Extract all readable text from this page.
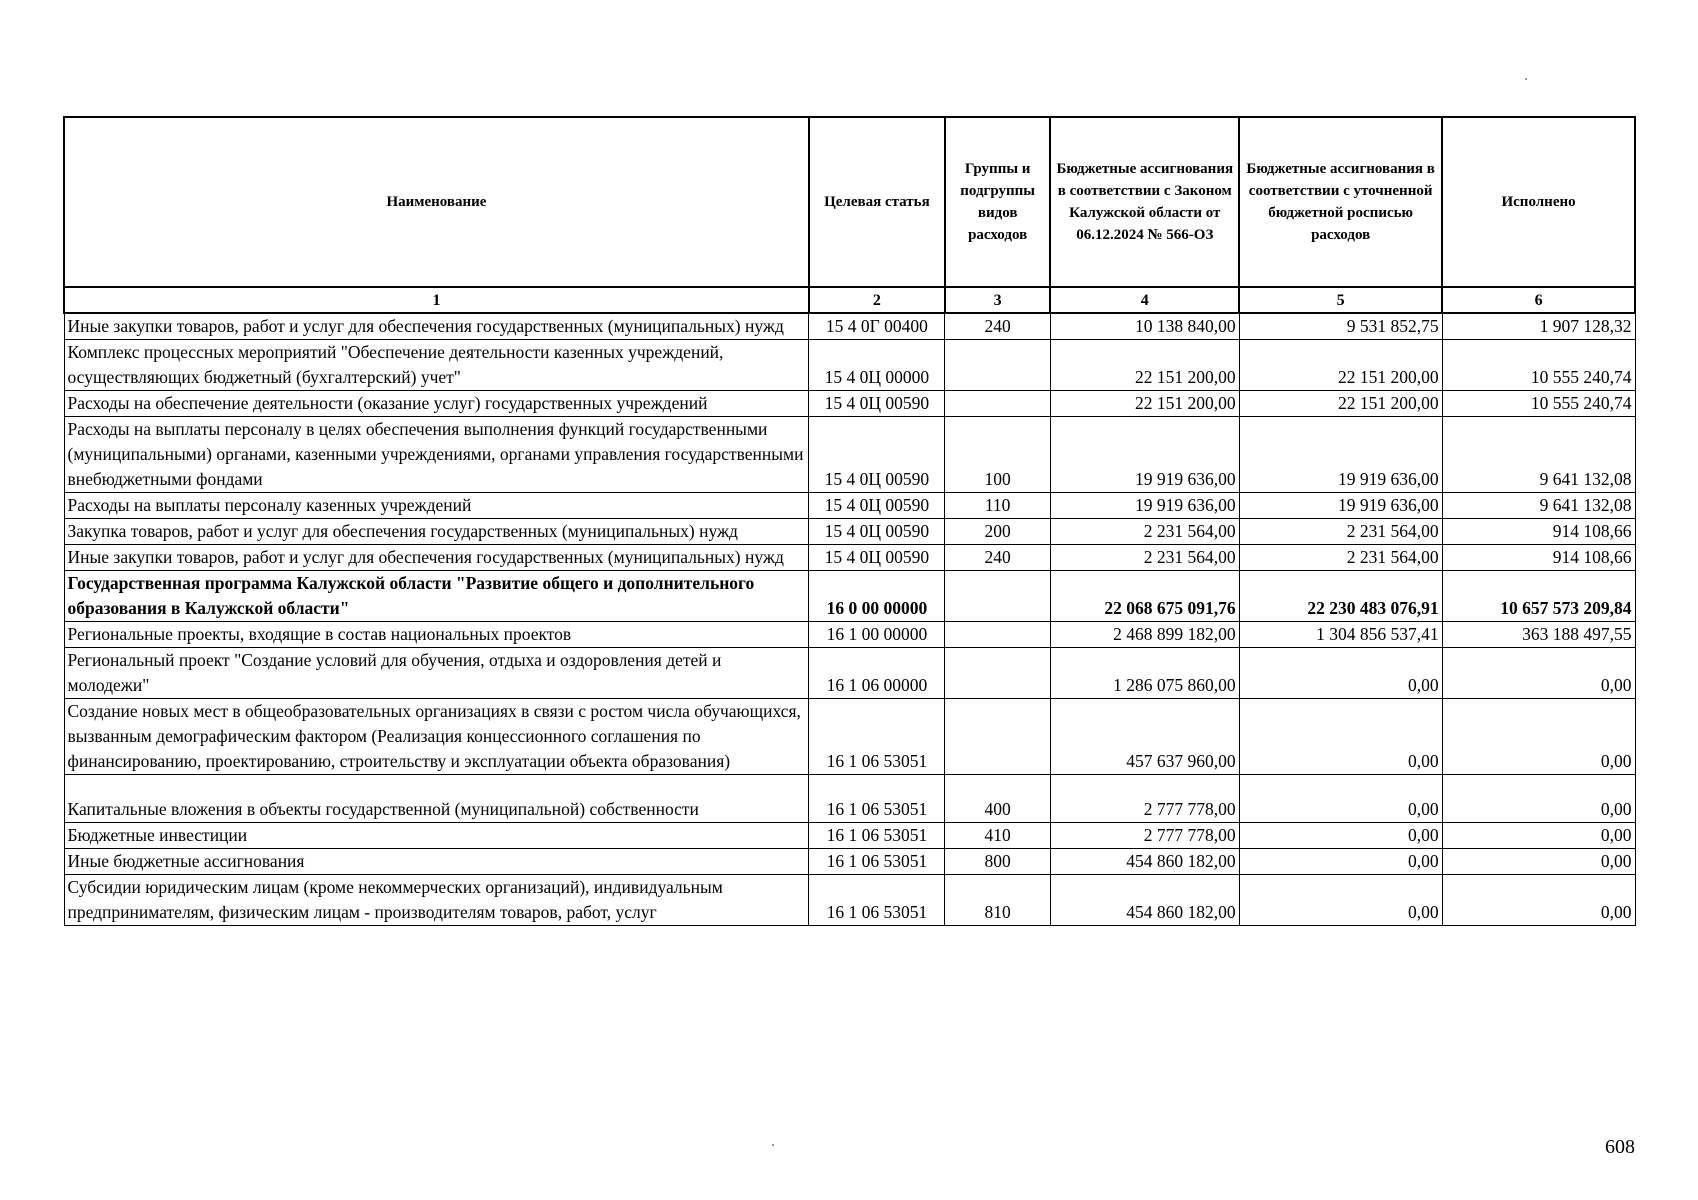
Наименование	Целевая статья	Группы и подгруппы видов расходов	Бюджетные ассигнования в соответствии с Законом Калужской области от 06.12.2024 № 566-ОЗ	Бюджетные ассигнования в соответствии с уточненной бюджетной росписью расходов	Исполнено
1	2	3	4	5	6
Иные закупки товаров, работ и услуг для обеспечения государственных (муниципальных) нужд	15 4 0Г 00400	240	10 138 840,00	9 531 852,75	1 907 128,32
Комплекс процессных мероприятий "Обеспечение деятельности казенных учреждений, осуществляющих бюджетный (бухгалтерский) учет"	15 4 0Ц 00000		22 151 200,00	22 151 200,00	10 555 240,74
Расходы на обеспечение деятельности (оказание услуг) государственных учреждений	15 4 0Ц 00590		22 151 200,00	22 151 200,00	10 555 240,74
Расходы на выплаты персоналу в целях обеспечения выполнения функций государственными (муниципальными) органами, казенными учреждениями, органами управления государственными внебюджетными фондами	15 4 0Ц 00590	100	19 919 636,00	19 919 636,00	9 641 132,08
Расходы на выплаты персоналу казенных учреждений	15 4 0Ц 00590	110	19 919 636,00	19 919 636,00	9 641 132,08
Закупка товаров, работ и услуг для обеспечения государственных (муниципальных) нужд	15 4 0Ц 00590	200	2 231 564,00	2 231 564,00	914 108,66
Иные закупки товаров, работ и услуг для обеспечения государственных (муниципальных) нужд	15 4 0Ц 00590	240	2 231 564,00	2 231 564,00	914 108,66
Государственная программа Калужской области "Развитие общего и дополнительного образования в Калужской области"	16 0 00 00000		22 068 675 091,76	22 230 483 076,91	10 657 573 209,84
Региональные проекты, входящие в состав национальных проектов	16 1 00 00000		2 468 899 182,00	1 304 856 537,41	363 188 497,55
Региональный проект "Создание условий для обучения, отдыха и оздоровления детей и молодежи"	16 1 06 00000		1 286 075 860,00	0,00	0,00
Создание новых мест в общеобразовательных организациях в связи с ростом числа обучающихся, вызванным демографическим фактором (Реализация концессионного соглашения по финансированию, проектированию, строительству и эксплуатации объекта образования)	16 1 06 53051		457 637 960,00	0,00	0,00
Капитальные вложения в объекты государственной (муниципальной) собственности	16 1 06 53051	400	2 777 778,00	0,00	0,00
Бюджетные инвестиции	16 1 06 53051	410	2 777 778,00	0,00	0,00
Иные бюджетные ассигнования	16 1 06 53051	800	454 860 182,00	0,00	0,00
Субсидии юридическим лицам (кроме некоммерческих организаций), индивидуальным предпринимателям, физическим лицам - производителям товаров, работ, услуг	16 1 06 53051	810	454 860 182,00	0,00	0,00
608
